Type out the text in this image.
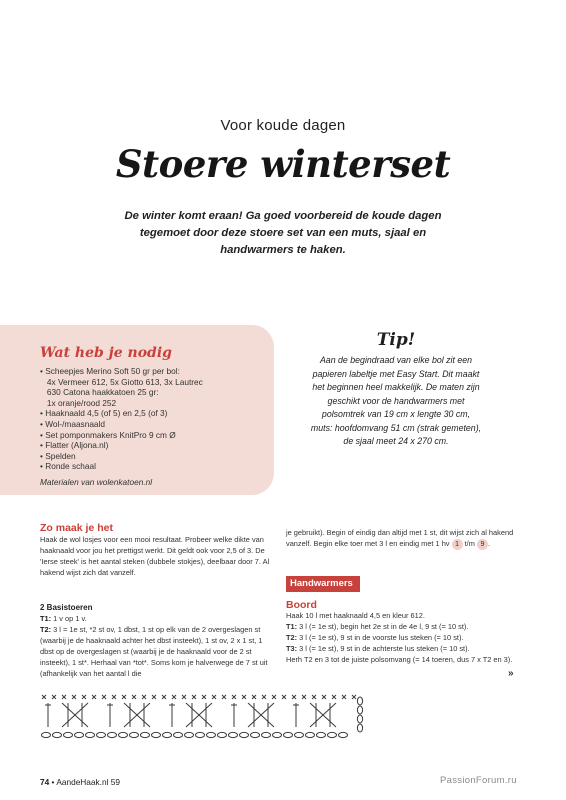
Voor koude dagen
Stoere winterset
De winter komt eraan! Ga goed voorbereid de koude dagen tegemoet door deze stoere set van een muts, sjaal en handwarmers te haken.
Wat heb je nodig
• Scheepjes Merino Soft 50 gr per bol:
4x Vermeer 612, 5x Giotto 613, 3x Lautrec
630 Catona haakkatoen 25 gr:
1x oranje/rood 252
• Haaknaald 4,5 (of 5) en 2,5 (of 3)
• Wol-/maasnaald
• Set pomponmakers KnitPro 9 cm Ø
• Flatter (Aljona.nl)
• Spelden
• Ronde schaal
Materialen van wolenkatoen.nl
Tip!
Aan de begindraad van elke bol zit een papieren labeltje met Easy Start. Dit maakt het beginnen heel makkelijk. De maten zijn geschikt voor de handwarmers met polsomtrek van 19 cm x lengte 30 cm, muts: hoofdomvang 51 cm (strak gemeten), de sjaal meet 24 x 270 cm.
Zo maak je het
Haak de wol losjes voor een mooi resultaat. Probeer welke dikte van haaknaald voor jou het prettigst werkt. Dit geldt ook voor 2,5 of 3. De 'Ierse steek' is het aantal steken (dubbele stokjes), deelbaar door 7. Al hakend wijst zich dat vanzelf.
2 Basistoeren
T1: 1 v op 1 v.
T2: 3 l = 1e st, *2 st ov, 1 dbst, 1 st op elk van de 2 overgeslagen st (waarbij je de haaknaald achter het dbst insteekt), 1 st ov, 2 x 1 st, 1 dbst op de overgeslagen st (waarbij je de haaknaald voor de 2 st insteekt), 1 st*. Herhaal van *tot*. Soms kom je halverwege de 7 st uit (afhankelijk van het aantal l die
je gebruikt). Begin of eindig dan altijd met 1 st, dit wijst zich al hakend vanzelf. Begin elke toer met 3 l en eindig met 1 hv 1 t/m 9 .
Handwarmers
Boord
Haak 10 l met haaknaald 4,5 en kleur 612.
T1: 3 l (= 1e st), begin het 2e st in de 4e l, 9 st (= 10 st).
T2: 3 l (= 1e st), 9 st in de voorste lus steken (= 10 st).
T3: 3 l (= 1e st), 9 st in de achterste lus steken (= 10 st).
Herh T2 en 3 tot de juiste polsomvang (= 14 toeren, dus 7 x T2 en 3).
»
74 • AandeHaak.nl 59	PassionForum.ru
